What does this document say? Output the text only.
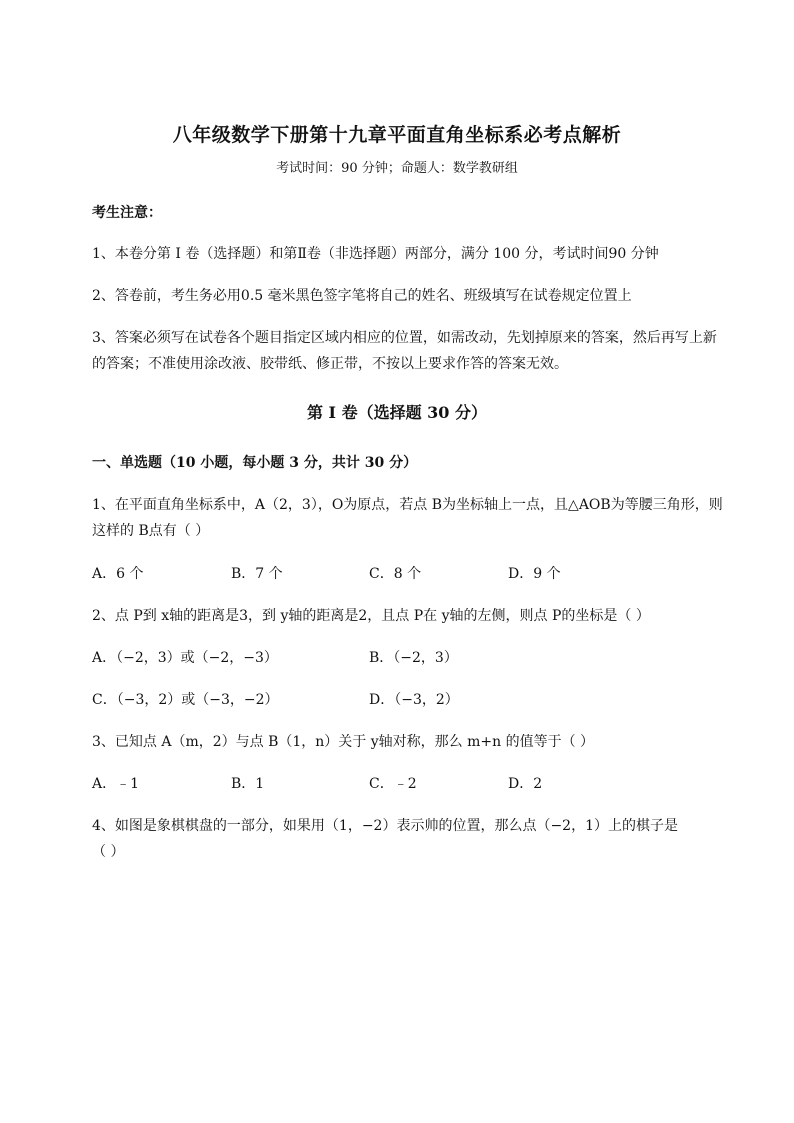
八年级数学下册第十九章平面直角坐标系必考点解析
考试时间：90 分钟；命题人：数学教研组
考生注意：
1、本卷分第 I 卷（选择题）和第Ⅱ卷（非选择题）两部分，满分 100 分，考试时间90 分钟
2、答卷前，考生务必用0.5 毫米黑色签字笔将自己的姓名、班级填写在试卷规定位置上
3、答案必须写在试卷各个题目指定区域内相应的位置，如需改动，先划掉原来的答案，然后再写上新
的答案；不准使用涂改液、胶带纸、修正带，不按以上要求作答的答案无效。
第 I 卷（选择题 30 分）
一、单选题（10 小题，每小题 3 分，共计 30 分）
1、在平面直角坐标系中，A（2，3），O为原点，若点 B为坐标轴上一点，且△AOB为等腰三角形，则
这样的 B点有（ ）
A．6 个	B．7 个	C．8 个	D．9 个
2、点 P到 x轴的距离是3，到 y轴的距离是2，且点 P在 y轴的左侧，则点 P的坐标是（ ）
A．（−2，3）或（−2，−3）	B．（−2，3）
C．（−3，2）或（−3，−2）	D．（−3，2）
3、已知点 A（m，2）与点 B（1，n）关于 y轴对称，那么 m+n 的值等于（ ）
A．﹣1	B．1	C．﹣2	D．2
4、如图是象棋棋盘的一部分，如果用（1，−2）表示帅的位置，那么点（−2，1）上的棋子是
（ ）
